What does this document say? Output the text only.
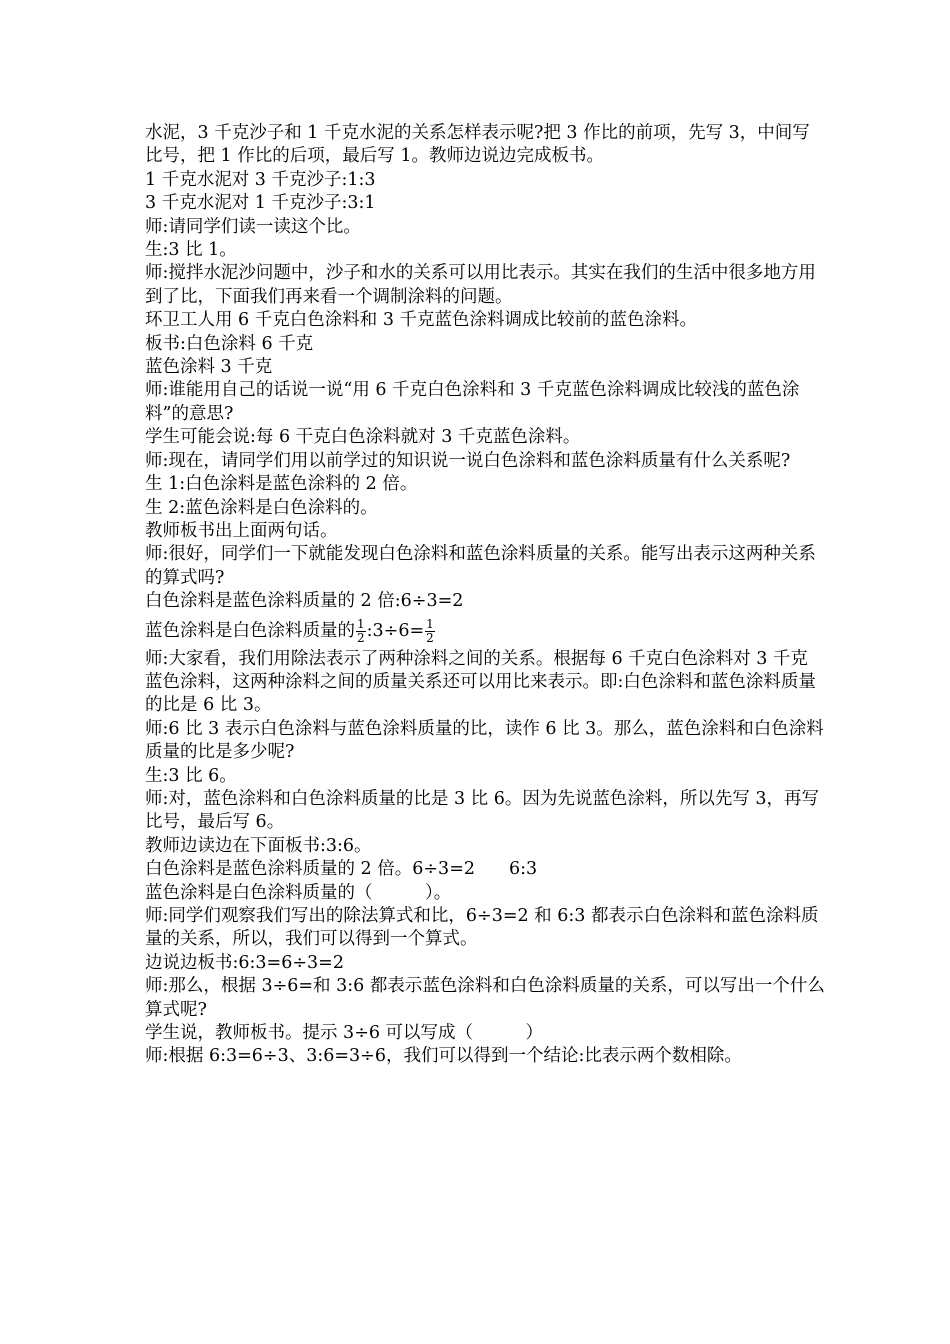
水泥，3 千克沙子和 1 千克水泥的关系怎样表示呢?把 3 作比的前项，先写 3，中间写比号，把 1 作比的后项，最后写 1。教师边说边完成板书。

1 千克水泥对 3 千克沙子:1:3

3 千克水泥对 1 千克沙子:3:1

师:请同学们读一读这个比。

生:3 比 1。

师:搅拌水泥沙问题中，沙子和水的关系可以用比表示。其实在我们的生活中很多地方用到了比，下面我们再来看一个调制涂料的问题。

环卫工人用 6 千克白色涂料和 3 千克蓝色涂料调成比较前的蓝色涂料。

板书:白色涂料 6 千克

蓝色涂料 3 千克

师:谁能用自己的话说一说“用 6 千克白色涂料和 3 千克蓝色涂料调成比较浅的蓝色涂料”的意思?

学生可能会说:每 6 干克白色涂料就对 3 千克蓝色涂料。

师:现在，请同学们用以前学过的知识说一说白色涂料和蓝色涂料质量有什么关系呢?

生 1:白色涂料是蓝色涂料的 2 倍。

生 2:蓝色涂料是白色涂料的。

教师板书出上面两句话。

师:很好，同学们一下就能发现白色涂料和蓝色涂料质量的关系。能写出表示这两种关系的算式吗?

白色涂料是蓝色涂料质量的 2 倍:6÷3=2

蓝色涂料是白色涂料质量的 $\frac{1}{2}$ :3÷6= $\frac{1}{2}$

师:大家看，我们用除法表示了两种涂料之间的关系。根据每 6 千克白色涂料对 3 千克蓝色涂料，这两种涂料之间的质量关系还可以用比来表示。即:白色涂料和蓝色涂料质量的比是 6 比 3。

师:6 比 3 表示白色涂料与蓝色涂料质量的比，读作 6 比 3。那么，蓝色涂料和白色涂料质量的比是多少呢?

生:3 比 6。

师:对，蓝色涂料和白色涂料质量的比是 3 比 6。因为先说蓝色涂料，所以先写 3，再写比号，最后写 6。

教师边读边在下面板书:3:6。

白色涂料是蓝色涂料质量的 2 倍。6÷3=2 6:3

蓝色涂料是白色涂料质量的（　　　）。

师:同学们观察我们写出的除法算式和比，6÷3=2 和 6:3 都表示白色涂料和蓝色涂料质量的关系，所以，我们可以得到一个算式。

边说边板书:6:3=6÷3=2

师:那么，根据 3÷6=和 3:6 都表示蓝色涂料和白色涂料质量的关系，可以写出一个什么算式呢?

学生说，教师板书。提示 3÷6 可以写成（　　　）

师:根据 6:3=6÷3、3:6=3÷6，我们可以得到一个结论:比表示两个数相除。
